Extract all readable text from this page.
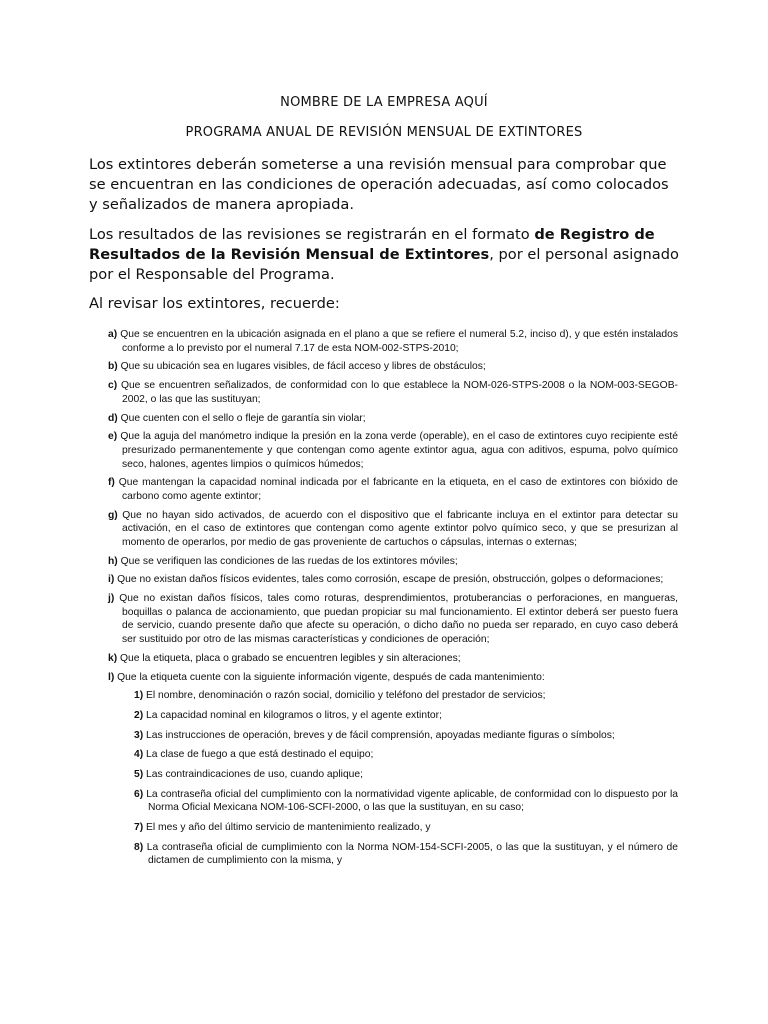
NOMBRE DE LA EMPRESA AQUÍ
PROGRAMA ANUAL DE REVISIÓN MENSUAL DE EXTINTORES

Los extintores deberán someterse a una revisión mensual para comprobar que se encuentran en las condiciones de operación adecuadas, así como colocados y señalizados de manera apropiada.

Los resultados de las revisiones se registrarán en el formato de Registro de Resultados de la Revisión Mensual de Extintores, por el personal asignado por el Responsable del Programa.

Al revisar los extintores, recuerde:

a) Que se encuentren en la ubicación asignada en el plano a que se refiere el numeral 5.2, inciso d), y que estén instalados conforme a lo previsto por el numeral 7.17 de esta NOM-002-STPS-2010;
b) Que su ubicación sea en lugares visibles, de fácil acceso y libres de obstáculos;
c) Que se encuentren señalizados, de conformidad con lo que establece la NOM-026-STPS-2008 o la NOM-003-SEGOB-2002, o las que las sustituyan;
d) Que cuenten con el sello o fleje de garantía sin violar;
e) Que la aguja del manómetro indique la presión en la zona verde (operable), en el caso de extintores cuyo recipiente esté presurizado permanentemente y que contengan como agente extintor agua, agua con aditivos, espuma, polvo químico seco, halones, agentes limpios o químicos húmedos;
f) Que mantengan la capacidad nominal indicada por el fabricante en la etiqueta, en el caso de extintores con bióxido de carbono como agente extintor;
g) Que no hayan sido activados, de acuerdo con el dispositivo que el fabricante incluya en el extintor para detectar su activación, en el caso de extintores que contengan como agente extintor polvo químico seco, y que se presurizan al momento de operarlos, por medio de gas proveniente de cartuchos o cápsulas, internas o externas;
h) Que se verifiquen las condiciones de las ruedas de los extintores móviles;
i) Que no existan daños físicos evidentes, tales como corrosión, escape de presión, obstrucción, golpes o deformaciones;
j) Que no existan daños físicos, tales como roturas, desprendimientos, protuberancias o perforaciones, en mangueras, boquillas o palanca de accionamiento, que puedan propiciar su mal funcionamiento. El extintor deberá ser puesto fuera de servicio, cuando presente daño que afecte su operación, o dicho daño no pueda ser reparado, en cuyo caso deberá ser sustituido por otro de las mismas características y condiciones de operación;
k) Que la etiqueta, placa o grabado se encuentren legibles y sin alteraciones;
l) Que la etiqueta cuente con la siguiente información vigente, después de cada mantenimiento:
1) El nombre, denominación o razón social, domicilio y teléfono del prestador de servicios;
2) La capacidad nominal en kilogramos o litros, y el agente extintor;
3) Las instrucciones de operación, breves y de fácil comprensión, apoyadas mediante figuras o símbolos;
4) La clase de fuego a que está destinado el equipo;
5) Las contraindicaciones de uso, cuando aplique;
6) La contraseña oficial del cumplimiento con la normatividad vigente aplicable, de conformidad con lo dispuesto por la Norma Oficial Mexicana NOM-106-SCFI-2000, o las que la sustituyan, en su caso;
7) El mes y año del último servicio de mantenimiento realizado, y
8) La contraseña oficial de cumplimiento con la Norma NOM-154-SCFI-2005, o las que la sustituyan, y el número de dictamen de cumplimiento con la misma, y
